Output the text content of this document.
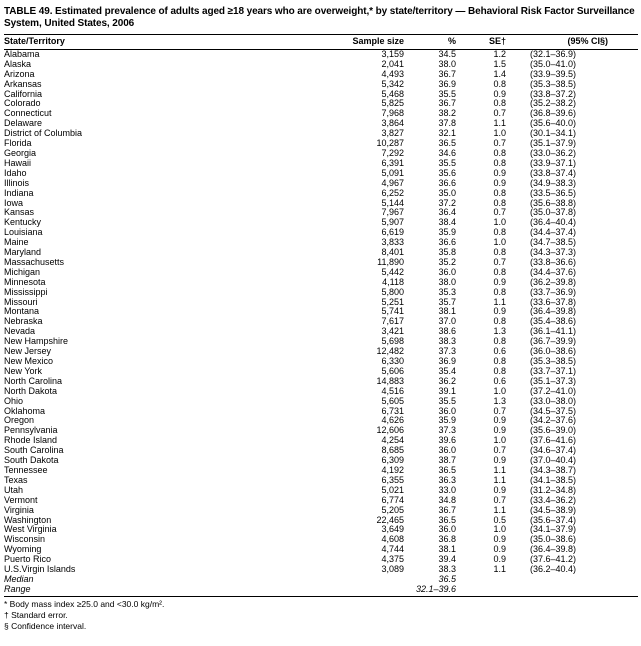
TABLE 49. Estimated prevalence of adults aged ≥18 years who are overweight,* by state/territory — Behavioral Risk Factor Surveillance System, United States, 2006
State/Territory	Sample size	%	SE†	(95% CI§)
Alabama	3,159	34.5	1.2	(32.1–36.9)
Alaska	2,041	38.0	1.5	(35.0–41.0)
Arizona	4,493	36.7	1.4	(33.9–39.5)
Arkansas	5,342	36.9	0.8	(35.3–38.5)
California	5,468	35.5	0.9	(33.8–37.2)
Colorado	5,825	36.7	0.8	(35.2–38.2)
Connecticut	7,968	38.2	0.7	(36.8–39.6)
Delaware	3,864	37.8	1.1	(35.6–40.0)
District of Columbia	3,827	32.1	1.0	(30.1–34.1)
Florida	10,287	36.5	0.7	(35.1–37.9)
Georgia	7,292	34.6	0.8	(33.0–36.2)
Hawaii	6,391	35.5	0.8	(33.9–37.1)
Idaho	5,091	35.6	0.9	(33.8–37.4)
Illinois	4,967	36.6	0.9	(34.9–38.3)
Indiana	6,252	35.0	0.8	(33.5–36.5)
Iowa	5,144	37.2	0.8	(35.6–38.8)
Kansas	7,967	36.4	0.7	(35.0–37.8)
Kentucky	5,907	38.4	1.0	(36.4–40.4)
Louisiana	6,619	35.9	0.8	(34.4–37.4)
Maine	3,833	36.6	1.0	(34.7–38.5)
Maryland	8,401	35.8	0.8	(34.3–37.3)
Massachusetts	11,890	35.2	0.7	(33.8–36.6)
Michigan	5,442	36.0	0.8	(34.4–37.6)
Minnesota	4,118	38.0	0.9	(36.2–39.8)
Mississippi	5,800	35.3	0.8	(33.7–36.9)
Missouri	5,251	35.7	1.1	(33.6–37.8)
Montana	5,741	38.1	0.9	(36.4–39.8)
Nebraska	7,617	37.0	0.8	(35.4–38.6)
Nevada	3,421	38.6	1.3	(36.1–41.1)
New Hampshire	5,698	38.3	0.8	(36.7–39.9)
New Jersey	12,482	37.3	0.6	(36.0–38.6)
New Mexico	6,330	36.9	0.8	(35.3–38.5)
New York	5,606	35.4	0.8	(33.7–37.1)
North Carolina	14,883	36.2	0.6	(35.1–37.3)
North Dakota	4,516	39.1	1.0	(37.2–41.0)
Ohio	5,605	35.5	1.3	(33.0–38.0)
Oklahoma	6,731	36.0	0.7	(34.5–37.5)
Oregon	4,626	35.9	0.9	(34.2–37.6)
Pennsylvania	12,606	37.3	0.9	(35.6–39.0)
Rhode Island	4,254	39.6	1.0	(37.6–41.6)
South Carolina	8,685	36.0	0.7	(34.6–37.4)
South Dakota	6,309	38.7	0.9	(37.0–40.4)
Tennessee	4,192	36.5	1.1	(34.3–38.7)
Texas	6,355	36.3	1.1	(34.1–38.5)
Utah	5,021	33.0	0.9	(31.2–34.8)
Vermont	6,774	34.8	0.7	(33.4–36.2)
Virginia	5,205	36.7	1.1	(34.5–38.9)
Washington	22,465	36.5	0.5	(35.6–37.4)
West Virginia	3,649	36.0	1.0	(34.1–37.9)
Wisconsin	4,608	36.8	0.9	(35.0–38.6)
Wyoming	4,744	38.1	0.9	(36.4–39.8)
Puerto Rico	4,375	39.4	0.9	(37.6–41.2)
U.S.Virgin Islands	3,089	38.3	1.1	(36.2–40.4)
Median		36.5		
Range		32.1–39.6		
* Body mass index ≥25.0 and <30.0 kg/m².
† Standard error.
§ Confidence interval.
